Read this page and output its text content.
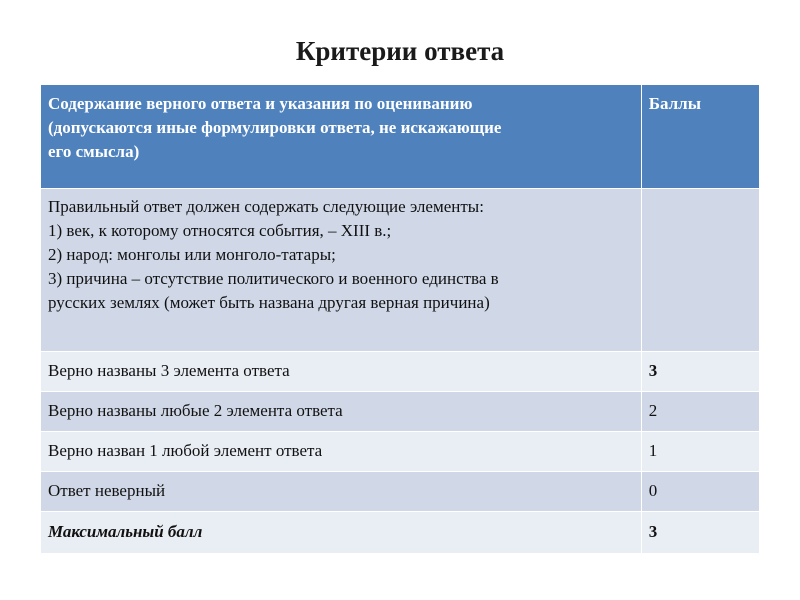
Критерии ответа
Содержание верного ответа и указания по оцениванию
(допускаются иные формулировки ответа, не искажающие
его смысла)	Баллы

Правильный ответ должен содержать следующие элементы:
1) век, к которому относятся события, – XIII в.;
2) народ: монголы или монголо-татары;
3) причина – отсутствие политического и военного единства в
русских землях (может быть названа другая верная причина)	

Верно названы 3 элемента ответа	3
Верно названы любые 2 элемента ответа	2
Верно назван 1 любой элемент ответа	1
Ответ неверный	0
Максимальный балл	3
